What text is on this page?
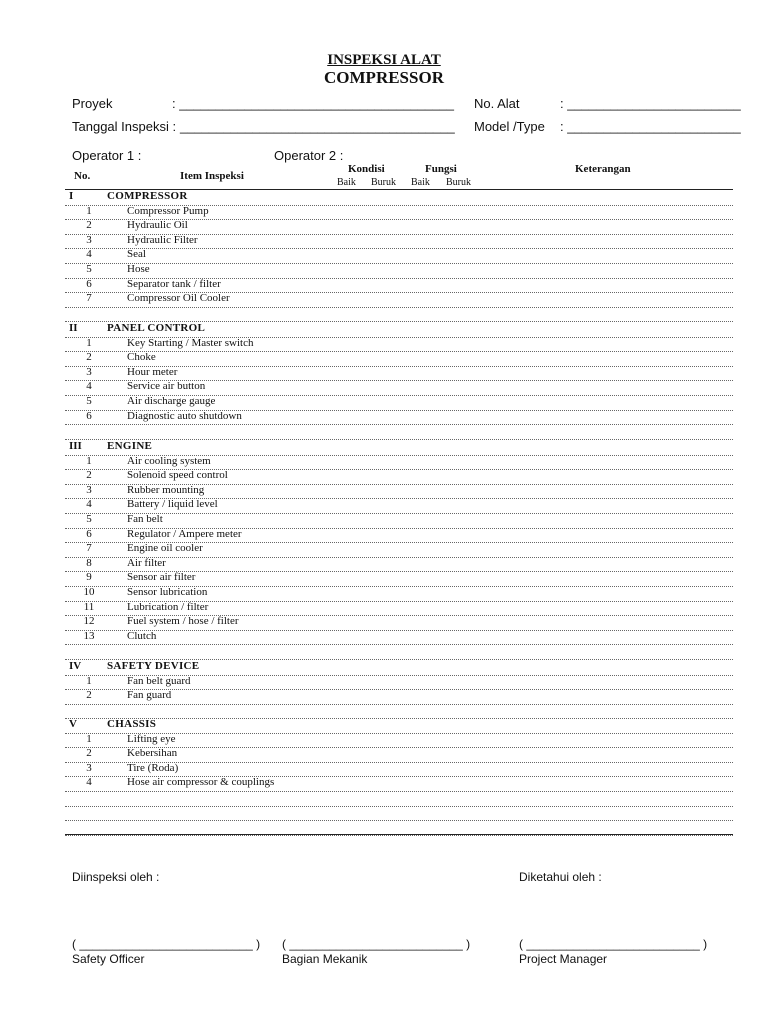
INSPEKSI ALAT
COMPRESSOR
Proyek	: ______________________________________
Tanggal Inspeksi : ______________________________________
No. Alat	: ________________________
Model /Type : ________________________
Operator 1 :	Operator 2 :
No.	Item Inspeksi
Kondisi	Fungsi	Keterangan
Baik Buruk Baik Buruk
I	COMPRESSOR
1	Compressor Pump
2	Hydraulic Oil
3	Hydraulic Filter
4	Seal
5	Hose
6	Separator tank / filter
7	Compressor Oil Cooler
II	PANEL CONTROL
1	Key Starting / Master switch
2	Choke
3	Hour meter
4	Service air button
5	Air discharge gauge
6	Diagnostic auto shutdown
III ENGINE
1	Air cooling system
2	Solenoid speed control
3	Rubber mounting
4	Battery / liquid level
5	Fan belt
6	Regulator / Ampere meter
7	Engine oil cooler
8	Air filter
9	Sensor air filter
10	Sensor lubrication
11	Lubrication / filter
12	Fuel system / hose / filter
13	Clutch
IV SAFETY DEVICE
1	Fan belt guard
2	Fan guard
V	CHASSIS
1	Lifting eye
2	Kebersihan
3	Tire (Roda)
4	Hose air compressor & couplings
Diinspeksi oleh :	Diketahui oleh :
( __________________________ ) ( __________________________ )	( __________________________ )
Safety Officer	Bagian Mekanik	Project Manager
